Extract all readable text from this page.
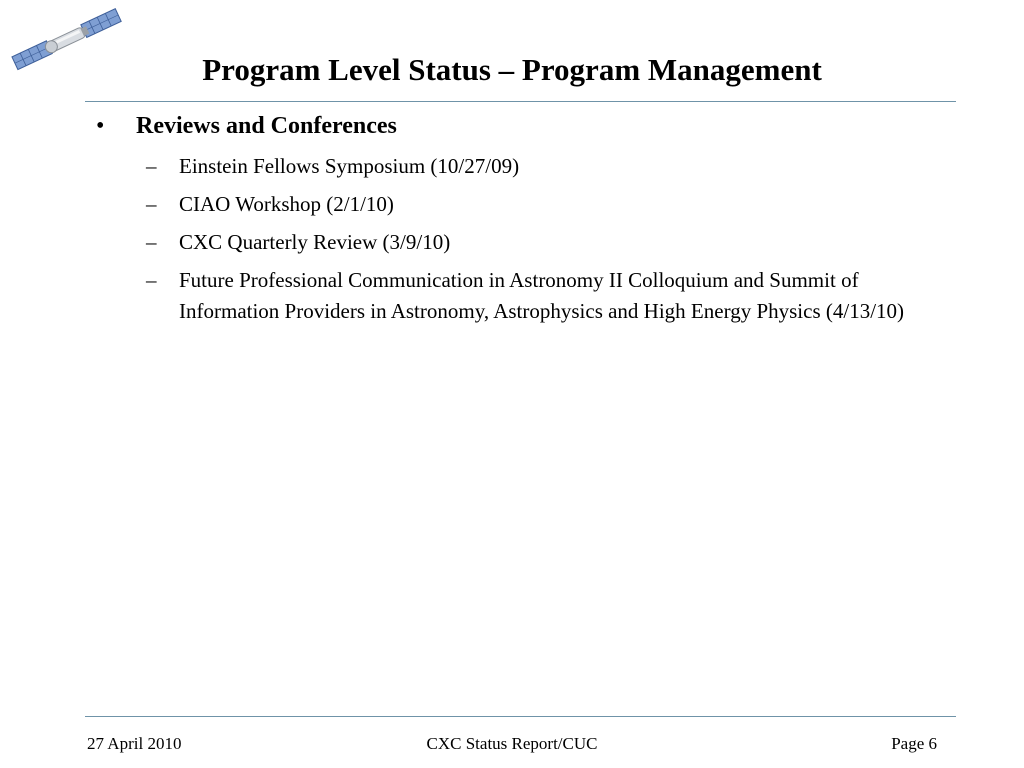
Program Level Status – Program Management
•	Reviews and Conferences
– Einstein Fellows Symposium (10/27/09)
– CIAO Workshop (2/1/10)
– CXC Quarterly Review (3/9/10)
– Future Professional Communication in Astronomy II Colloquium and Summit of Information Providers in Astronomy, Astrophysics and High Energy Physics (4/13/10)
CXC Status Report/CUC
27 April 2010	Page 6
